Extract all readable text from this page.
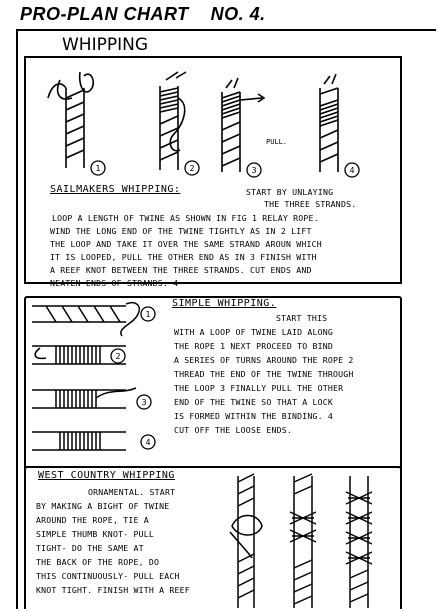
PRO-PLAN CHART    NO. 4.
WHIPPING
1	2	3	4
PULL.
SAILMAKERS WHIPPING:	START BY UNLAYING
THE THREE STRANDS.
LOOP A LENGTH OF TWINE AS SHOWN IN FIG 1 RELAY ROPE.
WIND THE LONG END OF THE TWINE TIGHTLY AS IN 2 LIFT
THE LOOP AND TAKE IT OVER THE SAME STRAND AROUN WHICH
IT IS LOOPED, PULL THE OTHER END AS IN 3 FINISH WITH
A REEF KNOT BETWEEN THE THREE STRANDS. CUT ENDS AND
NEATEN ENDS OF STRANDS. 4
1
2
3
4
SIMPLE WHIPPING.
START THIS
WITH A LOOP OF TWINE LAID ALONG
THE ROPE 1 NEXT PROCEED TO BIND
A SERIES OF TURNS AROUND THE ROPE 2
THREAD THE END OF THE TWINE THROUGH
THE LOOP 3 FINALLY PULL THE OTHER
END OF THE TWINE SO THAT A LOCK
IS FORMED WITHIN THE BINDING. 4
CUT OFF THE LOOSE ENDS.
WEST COUNTRY WHIPPING
ORNAMENTAL. START
BY MAKING A BIGHT OF TWINE
AROUND THE ROPE, TIE A
SIMPLE THUMB KNOT- PULL
TIGHT- DO THE SAME AT
THE BACK OF THE ROPE, DO
THIS CONTINUOUSLY- PULL EACH
KNOT TIGHT. FINISH WITH A REEF
